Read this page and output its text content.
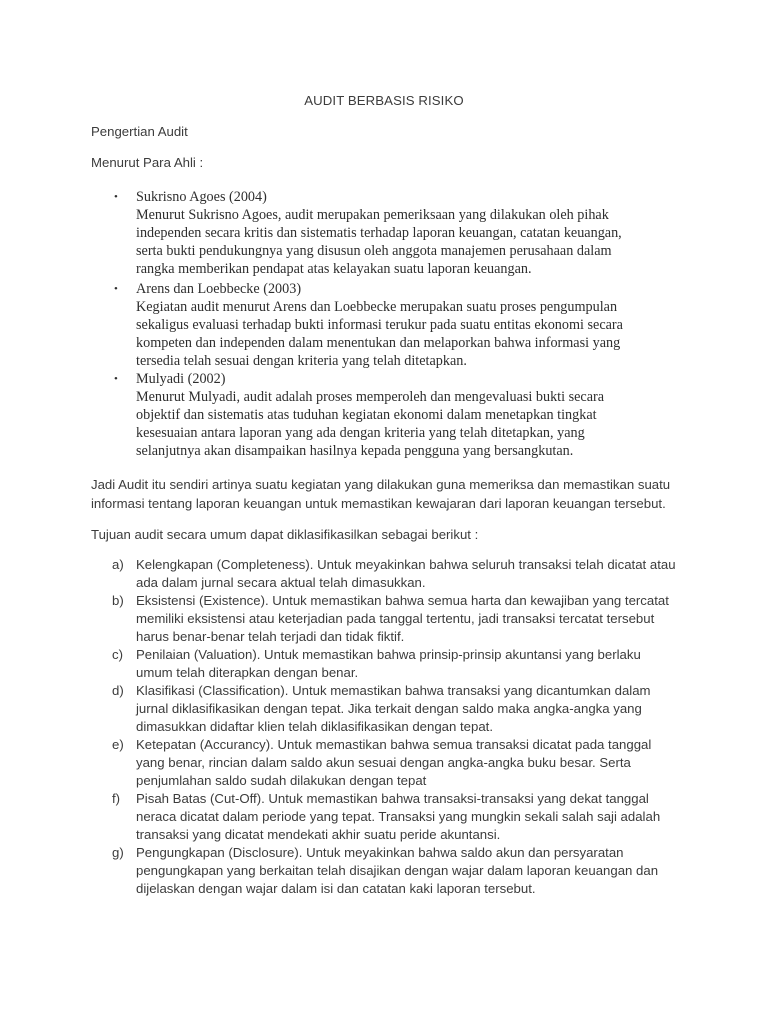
AUDIT BERBASIS RISIKO
Pengertian Audit
Menurut Para Ahli :
• Sukrisno Agoes (2004)
Menurut Sukrisno Agoes, audit merupakan pemeriksaan yang dilakukan oleh pihak
independen secara kritis dan sistematis terhadap laporan keuangan, catatan keuangan,
serta bukti pendukungnya yang disusun oleh anggota manajemen perusahaan dalam
rangka memberikan pendapat atas kelayakan suatu laporan keuangan.
• Arens dan Loebbecke (2003)
Kegiatan audit menurut Arens dan Loebbecke merupakan suatu proses pengumpulan
sekaligus evaluasi terhadap bukti informasi terukur pada suatu entitas ekonomi secara
kompeten dan independen dalam menentukan dan melaporkan bahwa informasi yang
tersedia telah sesuai dengan kriteria yang telah ditetapkan.
• Mulyadi (2002)
Menurut Mulyadi, audit adalah proses memperoleh dan mengevaluasi bukti secara
objektif dan sistematis atas tuduhan kegiatan ekonomi dalam menetapkan tingkat
kesesuaian antara laporan yang ada dengan kriteria yang telah ditetapkan, yang
selanjutnya akan disampaikan hasilnya kepada pengguna yang bersangkutan.
Jadi Audit itu sendiri artinya suatu kegiatan yang dilakukan guna memeriksa dan memastikan suatu
informasi tentang laporan keuangan untuk memastikan kewajaran dari laporan keuangan tersebut.
Tujuan audit secara umum dapat diklasifikasilkan sebagai berikut :
a) Kelengkapan (Completeness). Untuk meyakinkan bahwa seluruh transaksi telah dicatat atau
ada dalam jurnal secara aktual telah dimasukkan.
b) Eksistensi (Existence). Untuk memastikan bahwa semua harta dan kewajiban yang tercatat
memiliki eksistensi atau keterjadian pada tanggal tertentu, jadi transaksi tercatat tersebut
harus benar-benar telah terjadi dan tidak fiktif.
c) Penilaian (Valuation). Untuk memastikan bahwa prinsip-prinsip akuntansi yang berlaku
umum telah diterapkan dengan benar.
d) Klasifikasi (Classification). Untuk memastikan bahwa transaksi yang dicantumkan dalam
jurnal diklasifikasikan dengan tepat. Jika terkait dengan saldo maka angka-angka yang
dimasukkan didaftar klien telah diklasifikasikan dengan tepat.
e) Ketepatan (Accurancy). Untuk memastikan bahwa semua transaksi dicatat pada tanggal
yang benar, rincian dalam saldo akun sesuai dengan angka-angka buku besar. Serta
penjumlahan saldo sudah dilakukan dengan tepat
f) Pisah Batas (Cut-Off). Untuk memastikan bahwa transaksi-transaksi yang dekat tanggal
neraca dicatat dalam periode yang tepat. Transaksi yang mungkin sekali salah saji adalah
transaksi yang dicatat mendekati akhir suatu peride akuntansi.
g) Pengungkapan (Disclosure). Untuk meyakinkan bahwa saldo akun dan persyaratan
pengungkapan yang berkaitan telah disajikan dengan wajar dalam laporan keuangan dan
dijelaskan dengan wajar dalam isi dan catatan kaki laporan tersebut.
